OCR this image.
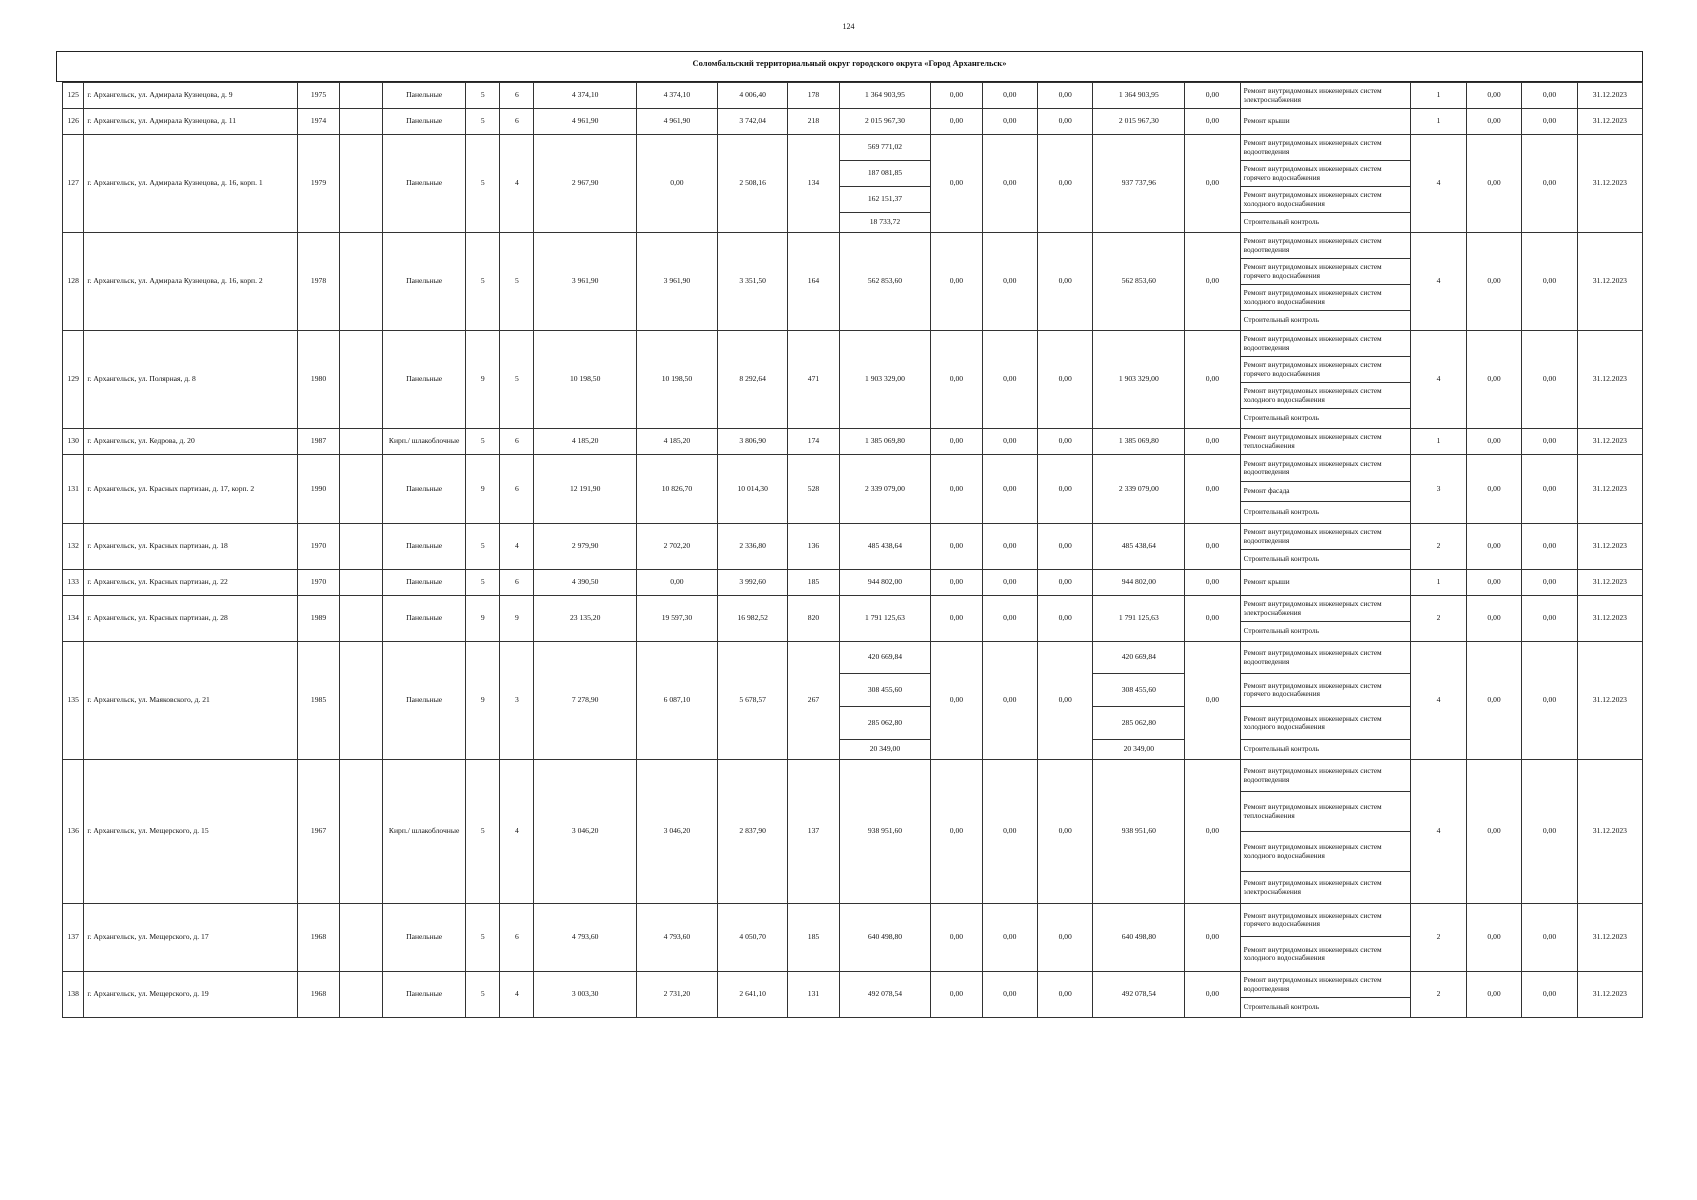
124
Соломбальский территориальный округ городского округа «Город Архангельск»
125	г. Архангельск, ул. Адмирала Кузнецова, д. 9	1975		Панельные	5	6	4 374,10	4 374,10	4 006,40	178	1 364 903,95	0,00	0,00	0,00	1 364 903,95	0,00	Ремонт внутридомовых инженерных систем электроснабжения	1	0,00	0,00	31.12.2023
126	г. Архангельск, ул. Адмирала Кузнецова, д. 11	1974		Панельные	5	6	4 961,90	4 961,90	3 742,04	218	2 015 967,30	0,00	0,00	0,00	2 015 967,30	0,00	Ремонт крыши	1	0,00	0,00	31.12.2023
127	г. Архангельск, ул. Адмирала Кузнецова, д. 16, корп. 1	1979		Панельные	5	4	2 967,90	0,00	2 508,16	134	569 771,02	0,00	0,00	0,00	937 737,96	0,00	Ремонт внутридомовых инженерных систем водоотведения	4	0,00	0,00	31.12.2023
											187 081,85						Ремонт внутридомовых инженерных систем горячего водоснабжения				
											162 151,37						Ремонт внутридомовых инженерных систем холодного водоснабжения				
											18 733,72						Строительный контроль				
128	г. Архангельск, ул. Адмирала Кузнецова, д. 16, корп. 2	1978		Панельные	5	5	3 961,90	3 961,90	3 351,50	164	562 853,60	0,00	0,00	0,00	562 853,60	0,00	Ремонт внутридомовых инженерных систем водоотведения	4	0,00	0,00	31.12.2023
																	Ремонт внутридомовых инженерных систем горячего водоснабжения				
																	Ремонт внутридомовых инженерных систем холодного водоснабжения				
																	Строительный контроль				
129	г. Архангельск, ул. Полярная, д. 8	1980		Панельные	9	5	10 198,50	10 198,50	8 292,64	471	1 903 329,00	0,00	0,00	0,00	1 903 329,00	0,00	Ремонт внутридомовых инженерных систем водоотведения	4	0,00	0,00	31.12.2023
																	Ремонт внутридомовых инженерных систем горячего водоснабжения				
																	Ремонт внутридомовых инженерных систем холодного водоснабжения				
																	Строительный контроль				
130	г. Архангельск, ул. Кедрова, д. 20	1987		Кирп./ шлакоблочные	5	6	4 185,20	4 185,20	3 806,90	174	1 385 069,80	0,00	0,00	0,00	1 385 069,80	0,00	Ремонт внутридомовых инженерных систем теплоснабжения	1	0,00	0,00	31.12.2023
131	г. Архангельск, ул. Красных партизан, д. 17, корп. 2	1990		Панельные	9	6	12 191,90	10 826,70	10 014,30	528	2 339 079,00	0,00	0,00	0,00	2 339 079,00	0,00	Ремонт внутридомовых инженерных систем водоотведения	3	0,00	0,00	31.12.2023
																	Ремонт фасада				
																	Строительный контроль				
132	г. Архангельск, ул. Красных партизан, д. 18	1970		Панельные	5	4	2 979,90	2 702,20	2 336,80	136	485 438,64	0,00	0,00	0,00	485 438,64	0,00	Ремонт внутридомовых инженерных систем водоотведения	2	0,00	0,00	31.12.2023
																	Строительный контроль				
133	г. Архангельск, ул. Красных партизан, д. 22	1970		Панельные	5	6	4 390,50	0,00	3 992,60	185	944 802,00	0,00	0,00	0,00	944 802,00	0,00	Ремонт крыши	1	0,00	0,00	31.12.2023
134	г. Архангельск, ул. Красных партизан, д. 28	1989		Панельные	9	9	23 135,20	19 597,30	16 982,52	820	1 791 125,63	0,00	0,00	0,00	1 791 125,63	0,00	Ремонт внутридомовых инженерных систем электроснабжения	2	0,00	0,00	31.12.2023
																	Строительный контроль				
135	г. Архангельск, ул. Маяковского, д. 21	1985		Панельные	9	3	7 278,90	6 087,10	5 678,57	267	420 669,84	0,00	0,00	0,00	420 669,84	0,00	Ремонт внутридомовых инженерных систем водоотведения	4	0,00	0,00	31.12.2023
											308 455,60				308 455,60		Ремонт внутридомовых инженерных систем горячего водоснабжения				
											285 062,80				285 062,80		Ремонт внутридомовых инженерных систем холодного водоснабжения				
											20 349,00				20 349,00		Строительный контроль				
136	г. Архангельск, ул. Мещерского, д. 15	1967		Кирп./ шлакоблочные	5	4	3 046,20	3 046,20	2 837,90	137	938 951,60	0,00	0,00	0,00	938 951,60	0,00	Ремонт внутридомовых инженерных систем водоотведения	4	0,00	0,00	31.12.2023
																	Ремонт внутридомовых инженерных систем теплоснабжения				
																	Ремонт внутридомовых инженерных систем холодного водоснабжения				
																	Ремонт внутридомовых инженерных систем электроснабжения				
137	г. Архангельск, ул. Мещерского, д. 17	1968		Панельные	5	6	4 793,60	4 793,60	4 050,70	185	640 498,80	0,00	0,00	0,00	640 498,80	0,00	Ремонт внутридомовых инженерных систем горячего водоснабжения	2	0,00	0,00	31.12.2023
																	Ремонт внутридомовых инженерных систем холодного водоснабжения				
138	г. Архангельск, ул. Мещерского, д. 19	1968		Панельные	5	4	3 003,30	2 731,20	2 641,10	131	492 078,54	0,00	0,00	0,00	492 078,54	0,00	Ремонт внутридомовых инженерных систем водоотведения	2	0,00	0,00	31.12.2023
																	Строительный контроль				
